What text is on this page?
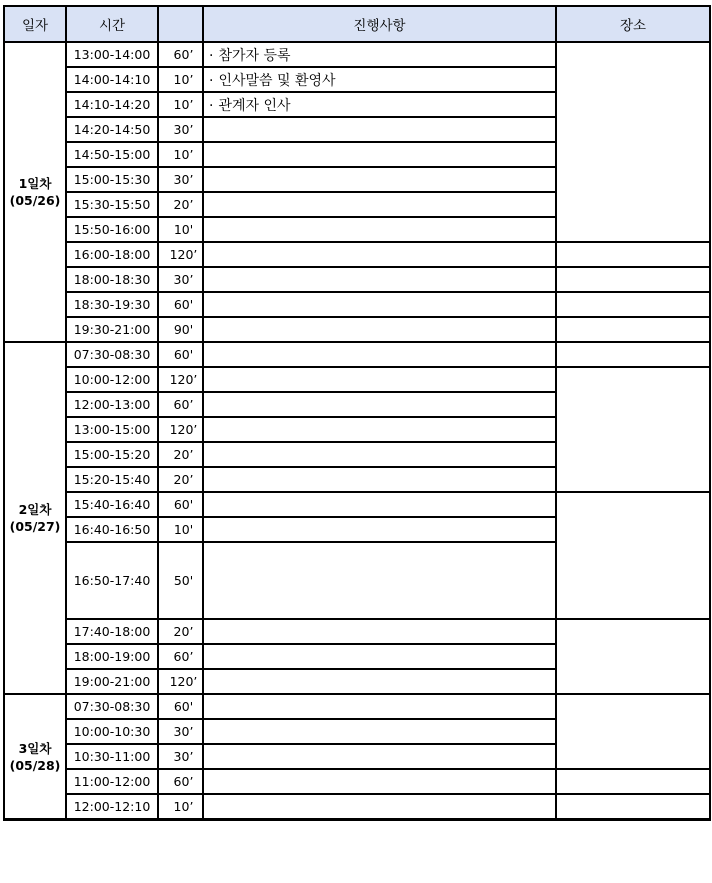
일자	시간		진행사항	장소
1일차
(05/26)	13:00-14:00	60’	· 참가자 등록	
	14:00-14:10	10’	· 인사말씀 및 환영사	
	14:10-14:20	10’	· 관계자 인사	
	14:20-14:50	30’		
	14:50-15:00	10’		
	15:00-15:30	30’		
	15:30-15:50	20’		
	15:50-16:00	10'		
	16:00-18:00	120’		
	18:00-18:30	30’		
	18:30-19:30	60'		
	19:30-21:00	90'		
2일차
(05/27)	07:30-08:30	60'		
	10:00-12:00	120’		
	12:00-13:00	60’		
	13:00-15:00	120’		
	15:00-15:20	20’		
	15:20-15:40	20’		
	15:40-16:40	60'		
	16:40-16:50	10'		
	16:50-17:40	50'		
	17:40-18:00	20’		
	18:00-19:00	60’		
	19:00-21:00	120’		
3일차
(05/28)	07:30-08:30	60'		
	10:00-10:30	30’		
	10:30-11:00	30’		
	11:00-12:00	60’		
	12:00-12:10	10’		
